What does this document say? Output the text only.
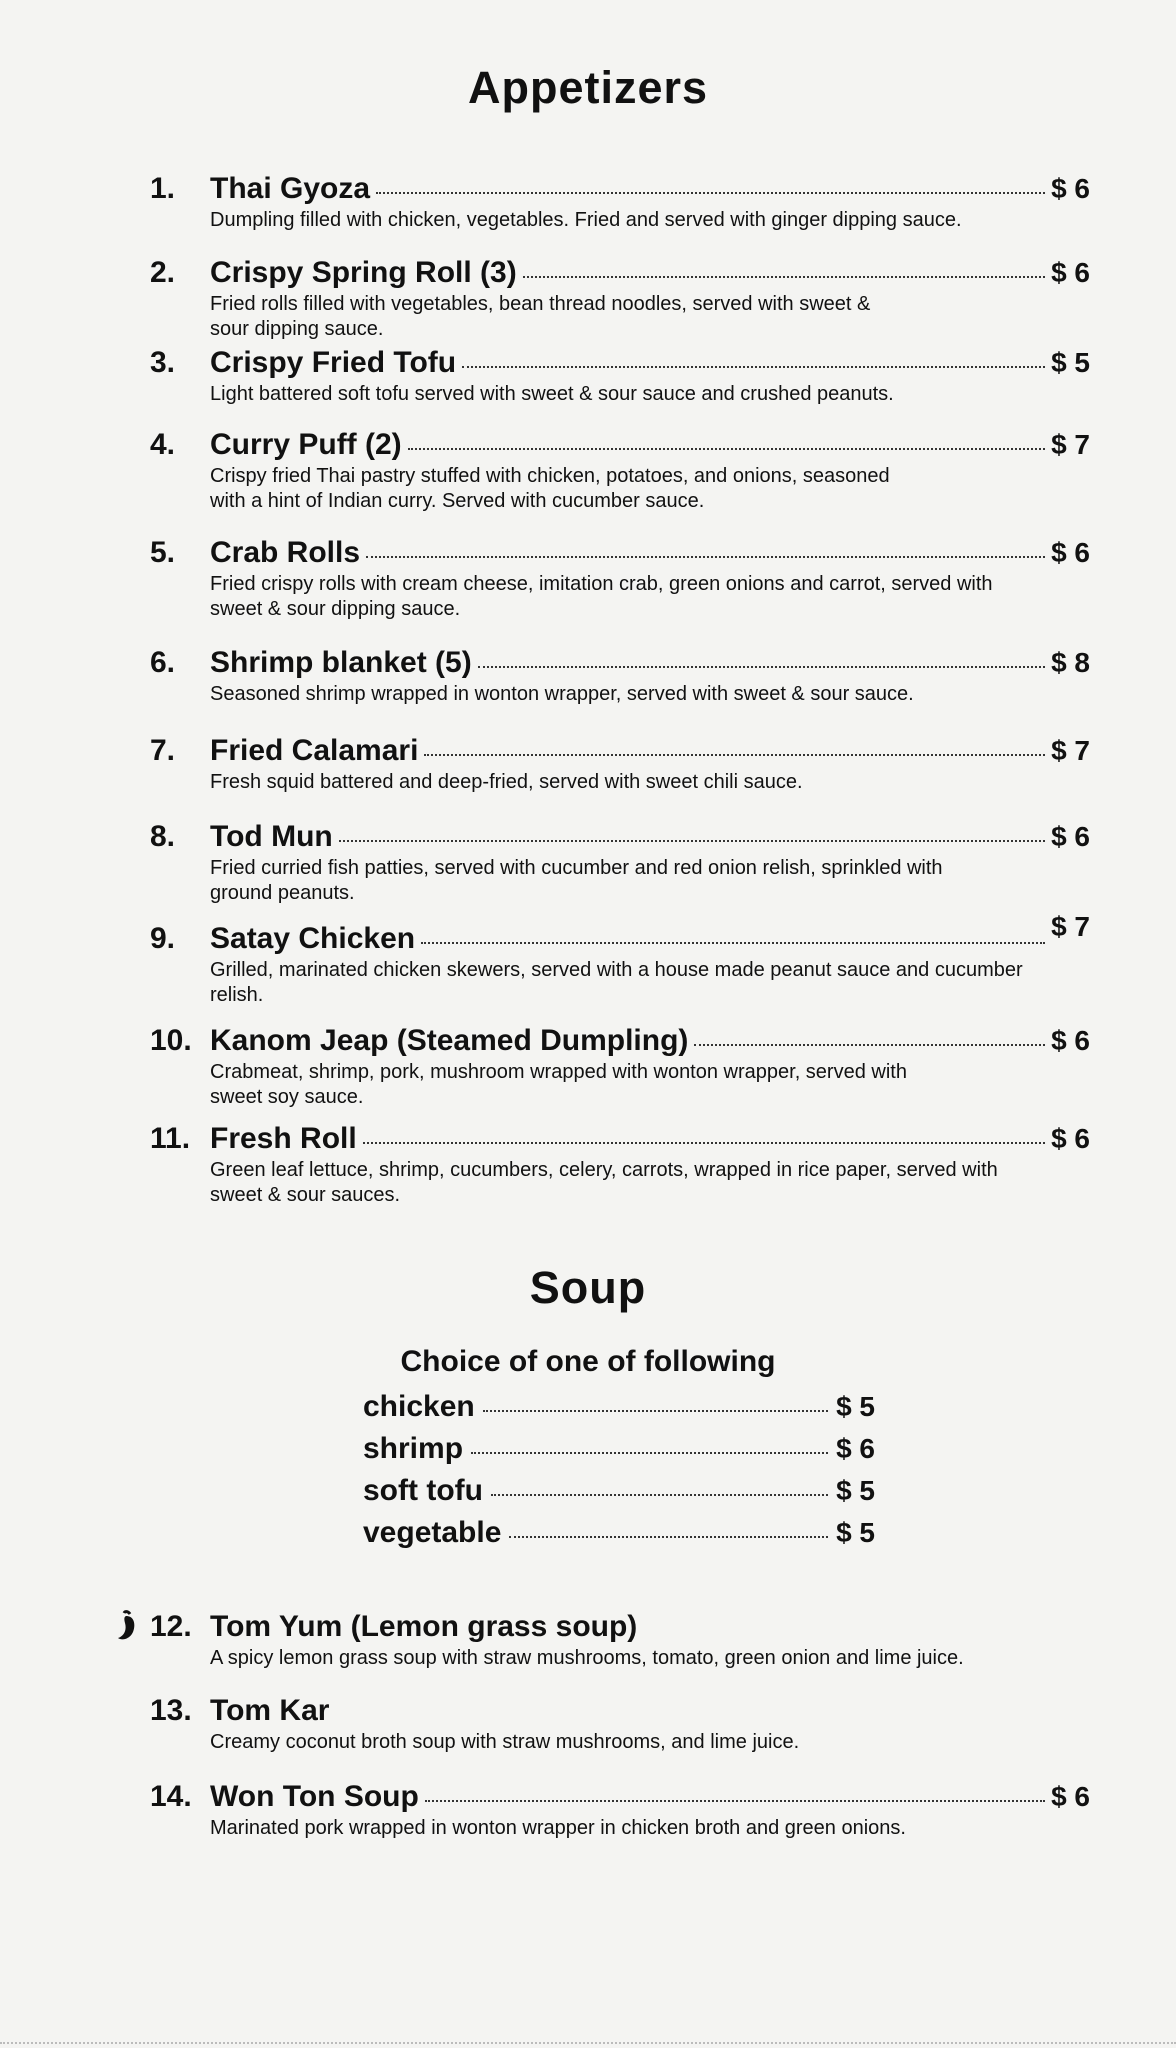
Appetizers
1.	Thai Gyoza	$ 6
Dumpling filled with chicken, vegetables. Fried and served with ginger dipping sauce.
2.	Crispy Spring Roll (3)	$ 6
Fried rolls filled with vegetables, bean thread noodles, served with sweet & sour dipping sauce.
3.	Crispy Fried Tofu	$ 5
Light battered soft tofu served with sweet & sour sauce and crushed peanuts.
4.	Curry Puff (2)	$ 7
Crispy fried Thai pastry stuffed with chicken, potatoes, and onions, seasoned with a hint of Indian curry. Served with cucumber sauce.
5.	Crab Rolls	$ 6
Fried crispy rolls with cream cheese, imitation crab, green onions and carrot, served with sweet & sour dipping sauce.
6.	Shrimp blanket (5)	$ 8
Seasoned shrimp wrapped in wonton wrapper, served with sweet & sour sauce.
7.	Fried Calamari	$ 7
Fresh squid battered and deep-fried, served with sweet chili sauce.
8.	Tod Mun	$ 6
Fried curried fish patties, served with cucumber and red onion relish, sprinkled with ground peanuts.
9.	Satay Chicken	$ 7
Grilled, marinated chicken skewers, served with a house made peanut sauce and cucumber relish.
10. Kanom Jeap (Steamed Dumpling)	$ 6
Crabmeat, shrimp, pork, mushroom wrapped with wonton wrapper, served with sweet soy sauce.
11. Fresh Roll	$ 6
Green leaf lettuce, shrimp, cucumbers, celery, carrots, wrapped in rice paper, served with sweet & sour sauces.
Soup
Choice of one of following
chicken	$ 5
shrimp	$ 6
soft tofu	$ 5
vegetable	$ 5
12. Tom Yum (Lemon grass soup)
A spicy lemon grass soup with straw mushrooms, tomato, green onion and lime juice.
13. Tom Kar
Creamy coconut broth soup with straw mushrooms, and lime juice.
14. Won Ton Soup	$ 6
Marinated pork wrapped in wonton wrapper in chicken broth and green onions.
